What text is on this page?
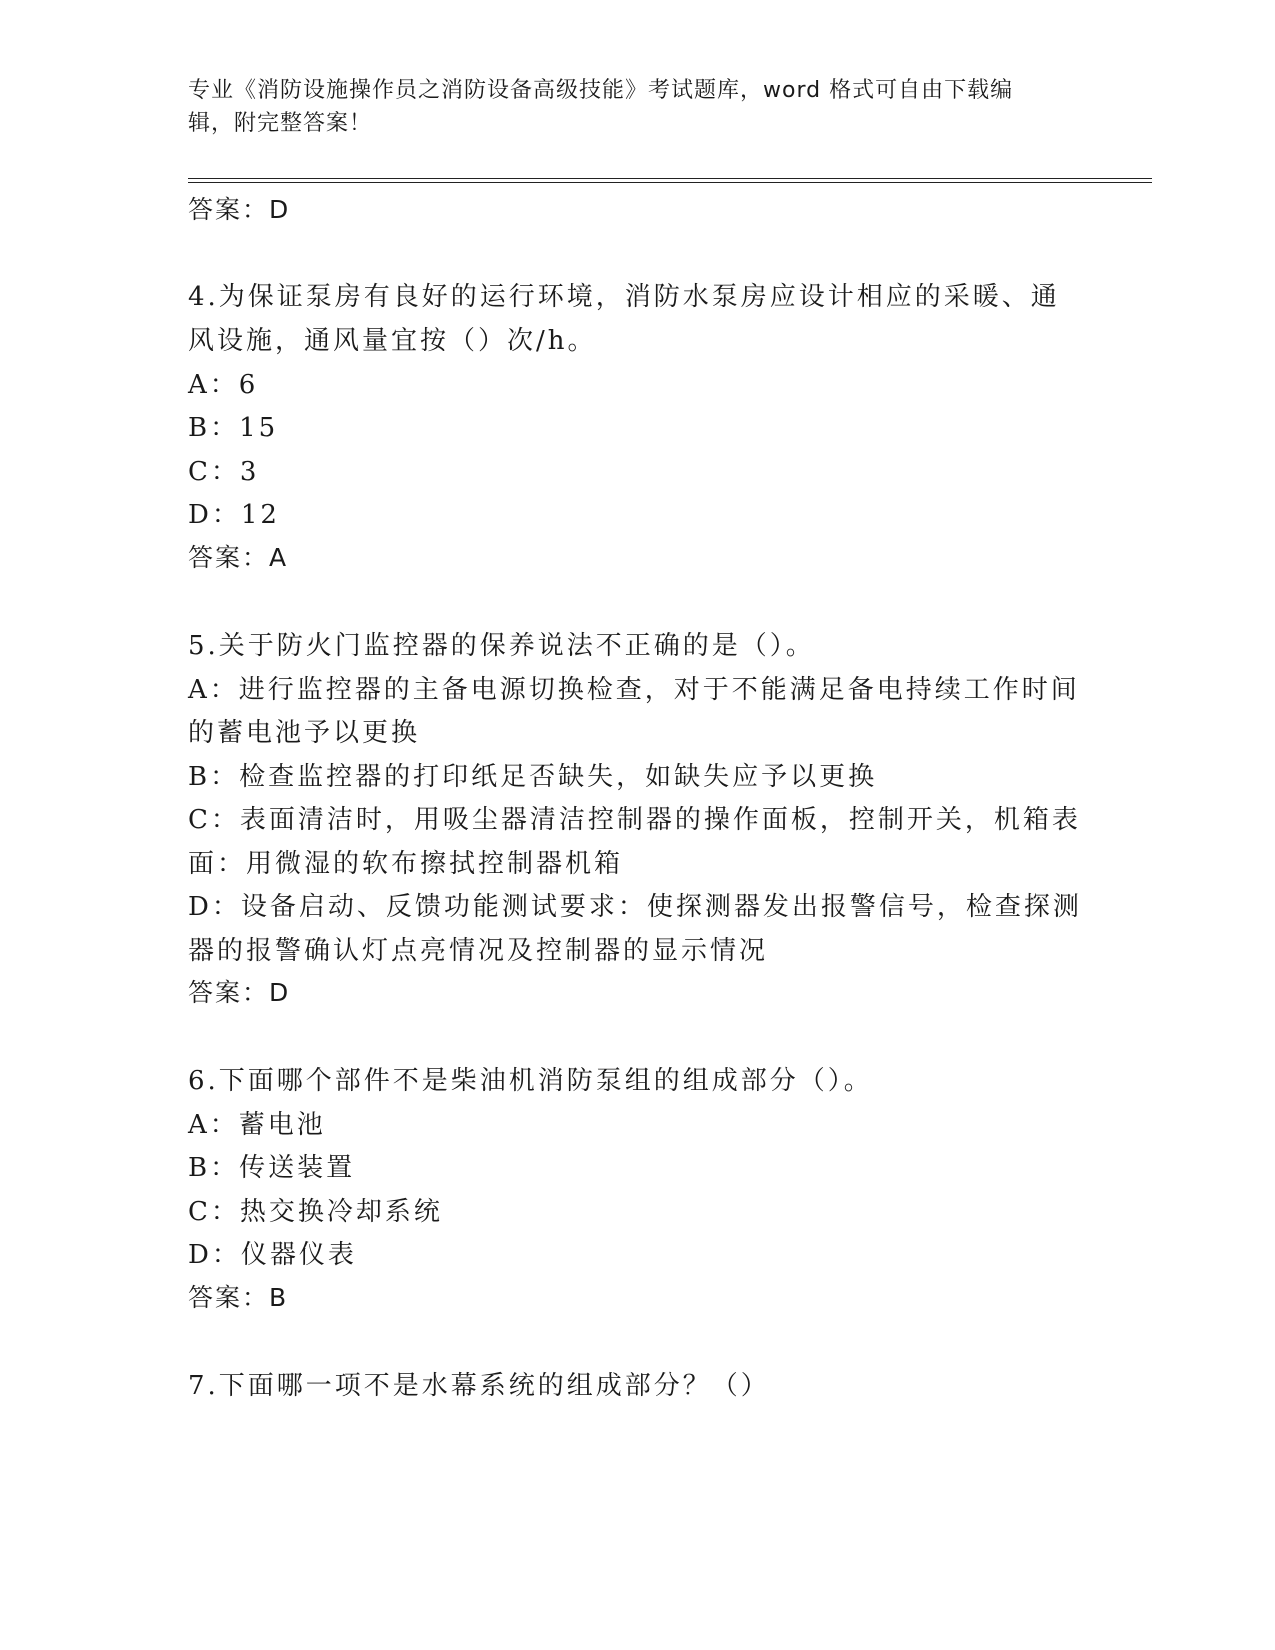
专业《消防设施操作员之消防设备高级技能》考试题库，word 格式可自由下载编
辑，附完整答案！
答案：D
4.为保证泵房有良好的运行环境，消防水泵房应设计相应的采暖、通
风设施，通风量宜按（）次/h。
A：6
B：15
C：3
D：12
答案：A
5.关于防火门监控器的保养说法不正确的是（）。
A：进行监控器的主备电源切换检查，对于不能满足备电持续工作时间
的蓄电池予以更换
B：检查监控器的打印纸足否缺失，如缺失应予以更换
C：表面清洁时，用吸尘器清洁控制器的操作面板，控制开关，机箱表
面：用微湿的软布擦拭控制器机箱
D：设备启动、反馈功能测试要求：使探测器发出报警信号，检查探测
器的报警确认灯点亮情况及控制器的显示情况
答案：D
6.下面哪个部件不是柴油机消防泵组的组成部分（）。
A：蓄电池
B：传送装置
C：热交换冷却系统
D：仪器仪表
答案：B
7.下面哪一项不是水幕系统的组成部分？（）
